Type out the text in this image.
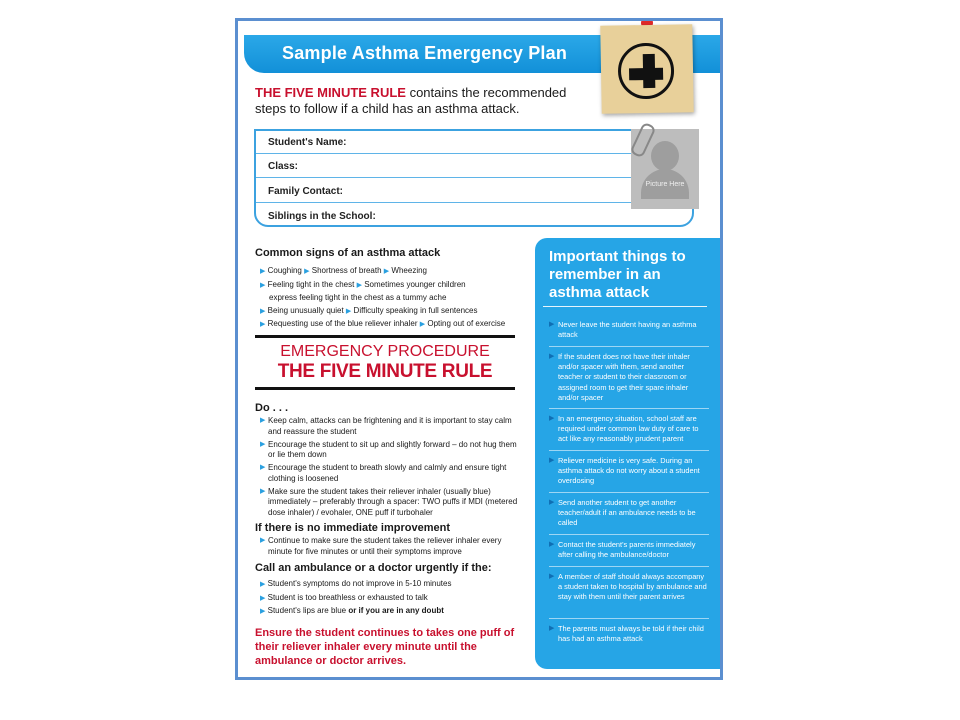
Sample Asthma Emergency Plan
THE FIVE MINUTE RULE contains the recommended steps to follow if a child has an asthma attack.
Student's Name:
Class:
Family Contact:
Siblings in the School:
Picture Here
Common signs of an asthma attack
▶ Coughing ▶ Shortness of breath ▶ Wheezing
▶ Feeling tight in the chest ▶ Sometimes younger children
express feeling tight in the chest as a tummy ache
▶ Being unusually quiet ▶ Difficulty speaking in full sentences
▶ Requesting use of the blue reliever inhaler ▶ Opting out of exercise
EMERGENCY PROCEDURE
THE FIVE MINUTE RULE
Do . . .
▶ Keep calm, attacks can be frightening and it is important to stay calm and reassure the student
▶ Encourage the student to sit up and slightly forward – do not hug them or lie them down
▶ Encourage the student to breath slowly and calmly and ensure tight clothing is loosened
▶ Make sure the student takes their reliever inhaler (usually blue) immediately – preferably through a spacer: TWO puffs if MDI (metered dose inhaler) / evohaler, ONE puff if turbohaler
If there is no immediate improvement
▶ Continue to make sure the student takes the reliever inhaler every minute for five minutes or until their symptoms improve
Call an ambulance or a doctor urgently if the:
▶ Student's symptoms do not improve in 5-10 minutes
▶ Student is too breathless or exhausted to talk
▶ Student's lips are blue or if you are in any doubt
Ensure the student continues to takes one puff of their reliever inhaler every minute until the ambulance or doctor arrives.
Important things to remember in an asthma attack
▶ Never leave the student having an asthma attack
▶ If the student does not have their inhaler and/or spacer with them, send another teacher or student to their classroom or assigned room to get their spare inhaler and/or spacer
▶ In an emergency situation, school staff are required under common law duty of care to act like any reasonably prudent parent
▶ Reliever medicine is very safe. During an asthma attack do not worry about a student overdosing
▶ Send another student to get another teacher/adult if an ambulance needs to be called
▶ Contact the student's parents immediately after calling the ambulance/doctor
▶ A member of staff should always accompany a student taken to hospital by ambulance and stay with them until their parent arrives
▶ The parents must always be told if their child has had an asthma attack
